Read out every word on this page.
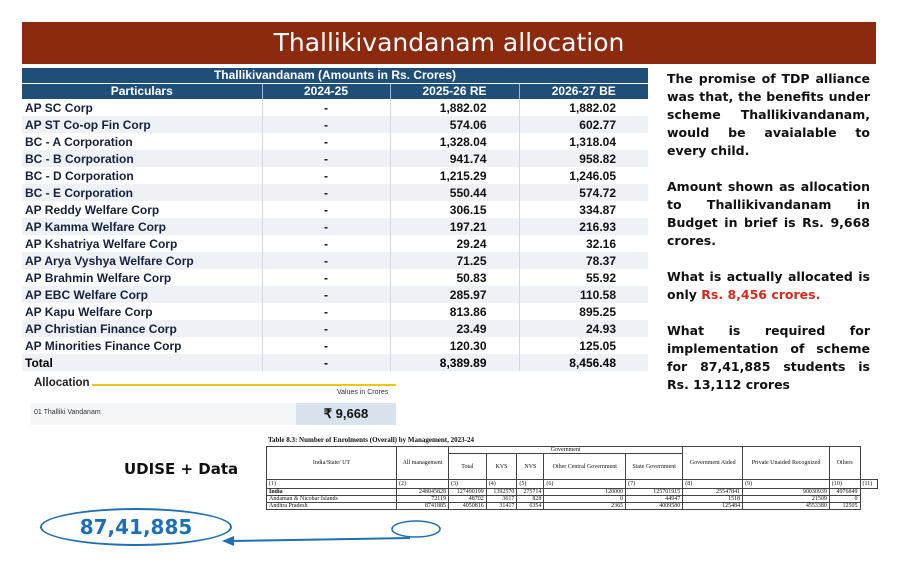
Thallikivandanam allocation
Thallikivandanam (Amounts in Rs. Crores)			
Particulars	2024-25	2025-26 RE	2026-27 BE
AP SC Corp	-	1,882.02	1,882.02
AP ST Co-op Fin Corp	-	574.06	602.77
BC - A Corporation	-	1,328.04	1,318.04
BC - B Corporation	-	941.74	958.82
BC - D Corporation	-	1,215.29	1,246.05
BC - E Corporation	-	550.44	574.72
AP Reddy Welfare Corp	-	306.15	334.87
AP Kamma Welfare Corp	-	197.21	216.93
AP Kshatriya Welfare Corp	-	29.24	32.16
AP Arya Vyshya Welfare Corp	-	71.25	78.37
AP Brahmin Welfare Corp	-	50.83	55.92
AP EBC Welfare Corp	-	285.97	110.58
AP Kapu Welfare Corp	-	813.86	895.25
AP Christian Finance Corp	-	23.49	24.93
AP Minorities Finance Corp	-	120.30	125.05
Total	-	8,389.89	8,456.48

The promise of TDP alliance was that, the benefits under scheme Thallikivandanam, would be avaialable to every child.

Amount shown as allocation to Thallikivandanam in Budget in brief is Rs. 9,668 crores.

What is actually allocated is only Rs. 8,456 crores.

What is required for implementation of scheme for 87,41,885 students is Rs. 13,112 crores

Allocation
Values in Crores
01 Thalliki Vandanam	₹ 9,668
UDISE + Data
87,41,885
Table 8.3: Number of Enrolments (Overall) by Management, 2023-24
India/State/ UT	All management	Government					Government Aided	Private Unaided Recognized	Others	
		Total	KVS	NVS	Other Central Government	State Government				
(1)	(2)	(3)	(4)	(5)	(6)	(7)	(8)	(9)	(10)	(11)
India	248045828	127490199	1392570	275714	120000	125701915	25547841	90030939	4976849	
Andaman & Nicobar Islands	72119	48702	3617	828	0	44947	1518	21509	0	
Andhra Pradesh	8741885	4050816	31417	6354	2365	4009580	125484	4553380	12505	
